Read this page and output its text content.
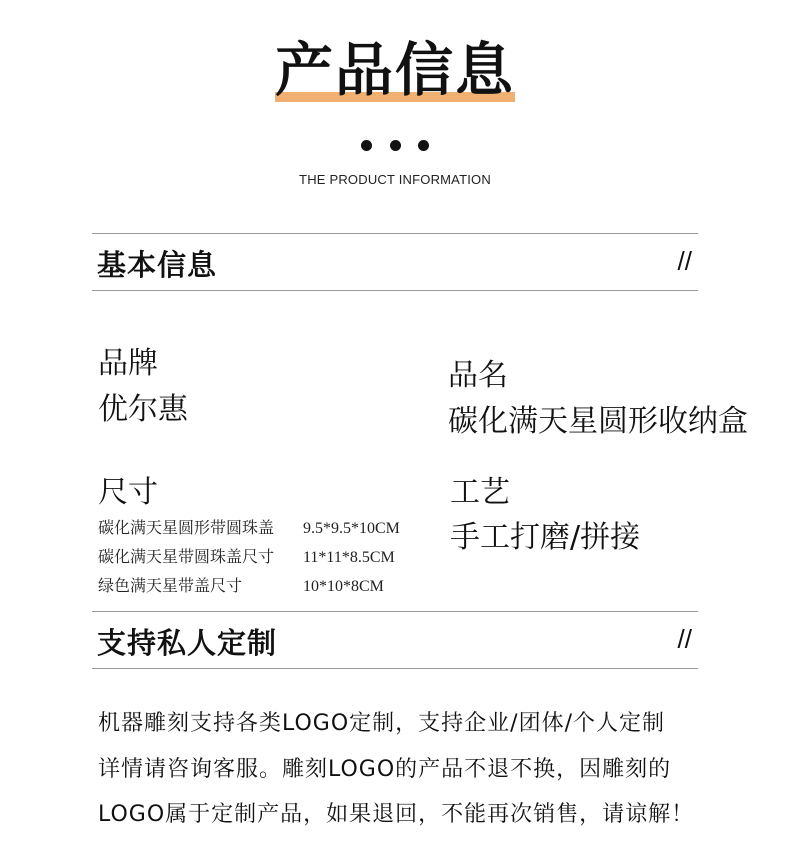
产品信息

THE PRODUCT INFORMATION
基本信息	//
品牌
优尔惠
品名
碳化满天星圆形收纳盒
尺寸
碳化满天星圆形带圆珠盖 9.5*9.5*10CM
碳化满天星带圆珠盖尺寸 11*11*8.5CM
绿色满天星带盖尺寸	10*10*8CM
工艺
手工打磨/拼接
支持私人定制	//
机器雕刻支持各类LOGO定制，支持企业/团体/个人定制
详情请咨询客服。雕刻LOGO的产品不退不换，因雕刻的
LOGO属于定制产品，如果退回，不能再次销售，请谅解！
